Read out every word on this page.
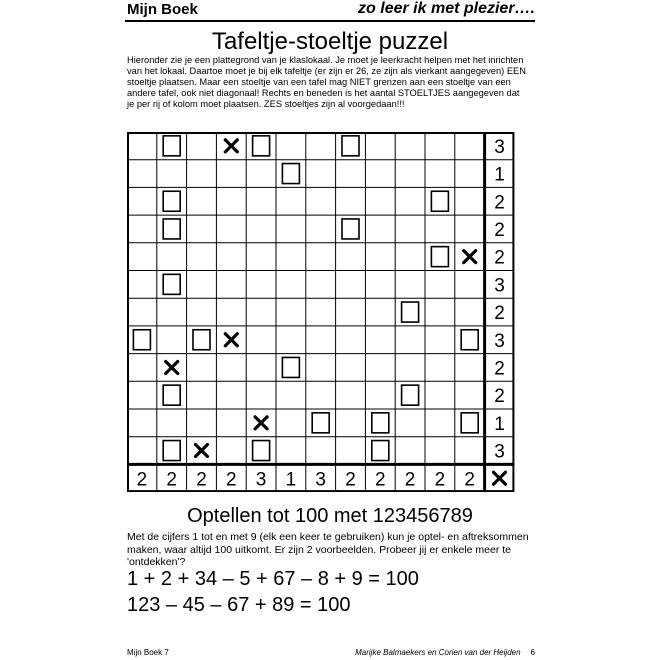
Mijn Boek	zo leer ik met plezier….
Tafeltje-stoeltje puzzel
Hieronder zie je een plattegrond van je klaslokaal. Je moet je leerkracht helpen met het inrichten van het lokaal. Daartoe moet je bij elk tafeltje (er zijn er 26, ze zijn als vierkant aangegeven) EEN stoeltje plaatsen. Maar een stoeltje van een tafel mag NIET grenzen aan een stoeltje van een andere tafel, ook niet diagonaal! Rechts en beneden is het aantal STOELTJES aangegeven dat je per rij of kolom moet plaatsen. ZES stoeltjes zijn al voorgedaan!!!
3
1
2
2
2
3
2
3
2
2
1
3
2 2 2 2 3 1 3 2 2 2 2 2
Optellen tot 100 met 123456789
Met de cijfers 1 tot en met 9 (elk een keer te gebruiken) kun je optel- en aftreksommen maken, waar altijd 100 uitkomt. Er zijn 2 voorbeelden. Probeer jij er enkele meer te 'ontdekken'?
1 + 2 + 34 – 5 + 67 – 8 + 9 = 100
123 – 45 – 67 + 89 = 100
Mijn Boek 7	Marijke Balmaekers en Corien van der Heijden 6
